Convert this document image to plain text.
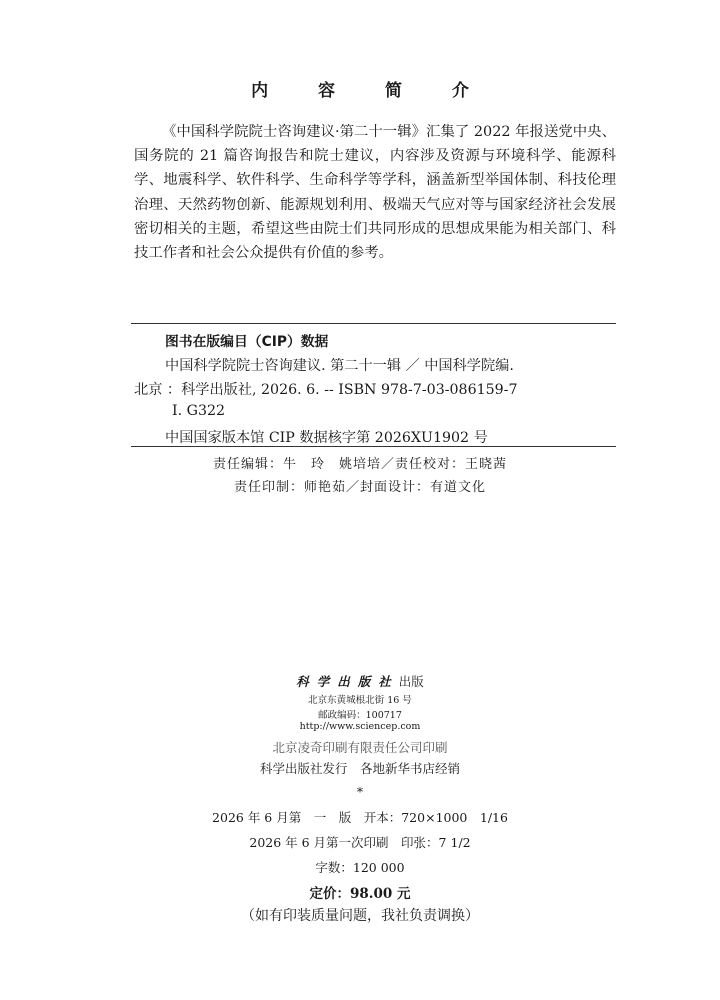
内 容 简 介
《中国科学院院士咨询建议·第二十一辑》汇集了 2022 年报送党中央、国务院的 21 篇咨询报告和院士建议，内容涉及资源与环境科学、能源科学、地震科学、软件科学、生命科学等学科，涵盖新型举国体制、科技伦理治理、天然药物创新、能源规划利用、极端天气应对等与国家经济社会发展密切相关的主题，希望这些由院士们共同形成的思想成果能为相关部门、科技工作者和社会公众提供有价值的参考。
图书在版编目（CIP）数据
中国科学院院士咨询建议. 第二十一辑 ／ 中国科学院编.
北京 ：科学出版社, 2026. 6. -- ISBN 978-7-03-086159-7
Ⅰ. G322
中国国家版本馆 CIP 数据核字第 2026XU1902 号
责任编辑：牛　玲　姚培培／责任校对：王晓茜
责任印制：师艳茹／封面设计：有道文化
科学出版社出版
北京东黄城根北街 16 号
邮政编码：100717
http://www.sciencep.com
北京凌奇印刷有限责任公司印刷
科学出版社发行　各地新华书店经销
*
2026 年 6 月第　一　版　开本：720×1000　1/16
2026 年 6 月第一次印刷　印张：7 1/2
字数：120 000
定价：98.00 元
（如有印装质量问题，我社负责调换）
